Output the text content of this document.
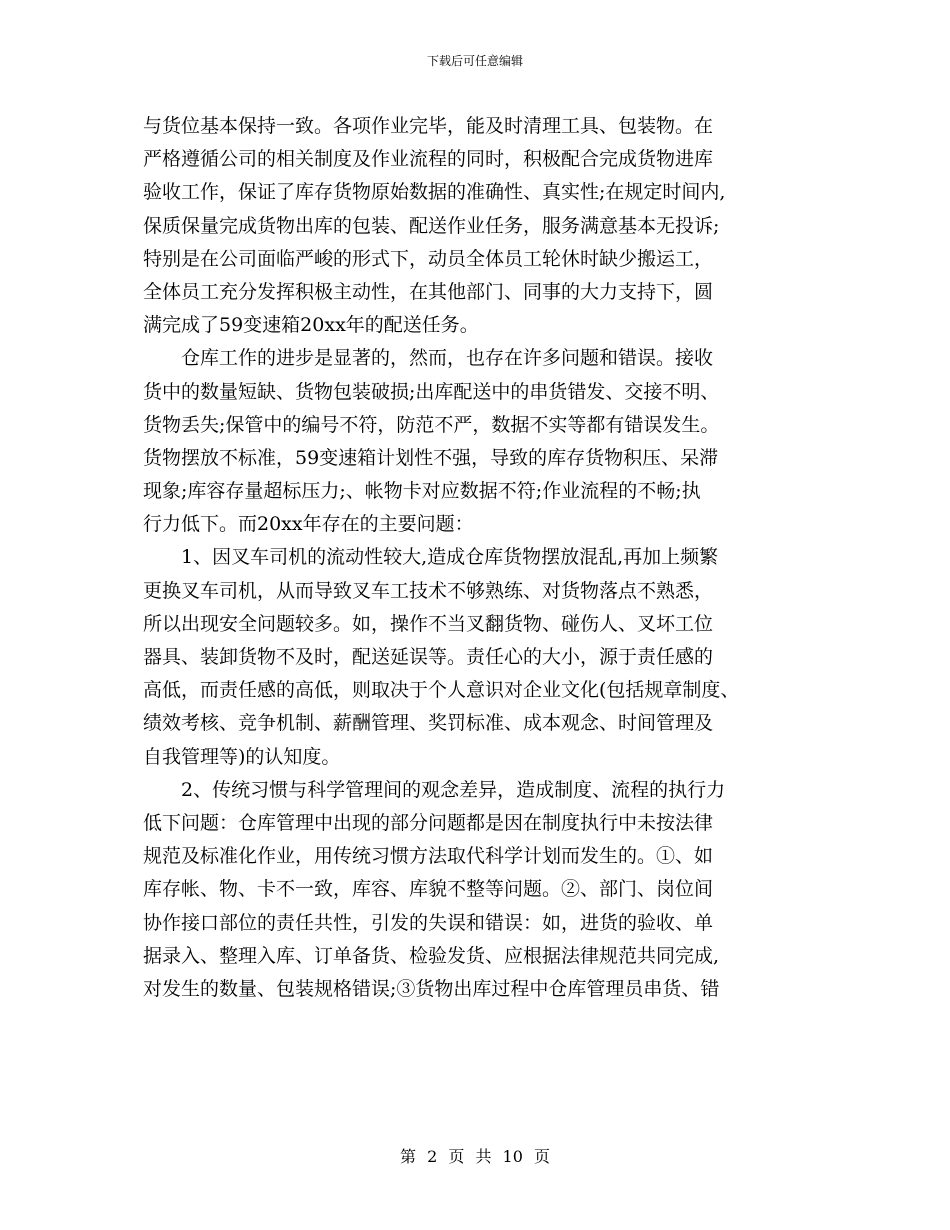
下载后可任意编辑
与货位基本保持一致。各项作业完毕，能及时清理工具、包装物。在
严格遵循公司的相关制度及作业流程的同时，积极配合完成货物进库
验收工作，保证了库存货物原始数据的准确性、真实性;在规定时间内,
保质保量完成货物出库的包装、配送作业任务，服务满意基本无投诉;
特别是在公司面临严峻的形式下，动员全体员工轮休时缺少搬运工，
全体员工充分发挥积极主动性，在其他部门、同事的大力支持下，圆
满完成了59变速箱20xx年的配送任务。
仓库工作的进步是显著的，然而，也存在许多问题和错误。接收
货中的数量短缺、货物包装破损;出库配送中的串货错发、交接不明、
货物丢失;保管中的编号不符，防范不严，数据不实等都有错误发生。
货物摆放不标准，59变速箱计划性不强，导致的库存货物积压、呆滞
现象;库容存量超标压力;、帐物卡对应数据不符;作业流程的不畅;执
行力低下。而20xx年存在的主要问题：
1、因叉车司机的流动性较大,造成仓库货物摆放混乱,再加上频繁
更换叉车司机，从而导致叉车工技术不够熟练、对货物落点不熟悉，
所以出现安全问题较多。如，操作不当叉翻货物、碰伤人、叉坏工位
器具、装卸货物不及时，配送延误等。责任心的大小，源于责任感的
高低，而责任感的高低，则取决于个人意识对企业文化(包括规章制度、
绩效考核、竞争机制、薪酬管理、奖罚标准、成本观念、时间管理及
自我管理等)的认知度。
2、传统习惯与科学管理间的观念差异，造成制度、流程的执行力
低下问题：仓库管理中出现的部分问题都是因在制度执行中未按法律
规范及标准化作业，用传统习惯方法取代科学计划而发生的。①、如
库存帐、物、卡不一致，库容、库貌不整等问题。②、部门、岗位间
协作接口部位的责任共性，引发的失误和错误：如，进货的验收、单
据录入、整理入库、订单备货、检验发货、应根据法律规范共同完成,
对发生的数量、包装规格错误;③货物出库过程中仓库管理员串货、错
第 2 页 共 10 页
